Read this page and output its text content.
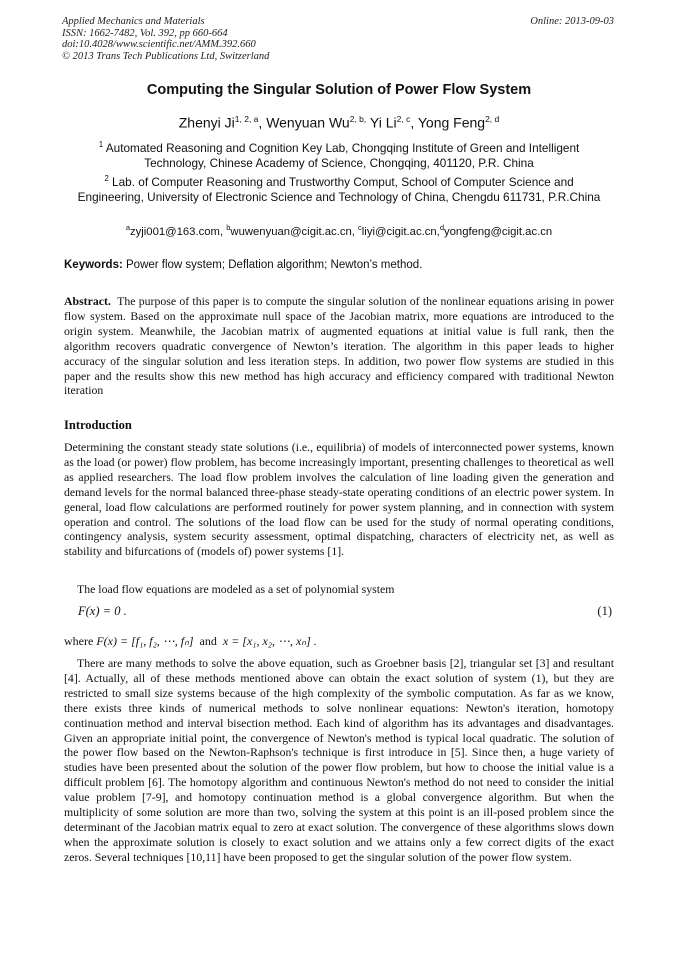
Applied Mechanics and Materials
ISSN: 1662-7482, Vol. 392, pp 660-664
doi:10.4028/www.scientific.net/AMM.392.660
© 2013 Trans Tech Publications Ltd, Switzerland
Online: 2013-09-03
Computing the Singular Solution of Power Flow System
Zhenyi Ji$^{1, 2, a}$, Wenyuan $Wu^{2, b,}$ Yi Li$^{2, c}$, Yong Feng$^{2, d}$
$^1$ Automated Reasoning and Cognition Key Lab, Chongqing Institute of Green and Intelligent Technology, Chinese Academy of Science, Chongqing, 401120, P.R. China
$^2$ Lab. of Computer Reasoning and Trustworthy Comput, School of Computer Science and Engineering, University of Electronic Science and Technology of China, Chengdu 611731, P.R.China
$^a$zyji001@163.com, $^b$wuwenyuan@cigit.ac.cn, $^c$liyi@cigit.ac.cn,$^d$yongfeng@cigit.ac.cn
Keywords: Power flow system; Deflation algorithm; Newton’s method.
Abstract. The purpose of this paper is to compute the singular solution of the nonlinear equations arising in power flow system. Based on the approximate null space of the Jacobian matrix, more equations are introduced to the origin system. Meanwhile, the Jacobian matrix of augmented equations at initial value is full rank, then the algorithm recovers quadratic convergence of Newton’s iteration. The algorithm in this paper leads to higher accuracy of the singular solution and less iteration steps. In addition, two power flow systems are studied in this paper and the results show this new method has high accuracy and efficiency compared with traditional Newton iteration
Introduction
Determining the constant steady state solutions (i.e., equilibria) of models of interconnected power systems, known as the load (or power) flow problem, has become increasingly important, presenting challenges to theoretical as well as applied researchers. The load flow problem involves the calculation of line loading given the generation and demand levels for the normal balanced three-phase steady-state operating conditions of an electric power system. In general, load flow calculations are performed routinely for power system planning, and in connection with system operation and control. The solutions of the load flow can be used for the study of normal operating conditions, contingency analysis, system security assessment, optimal dispatching, characters of electricity net, as well as stability and bifurcations of (models of) power systems [1].
The load flow equations are modeled as a set of polynomial system
F(x) = 0 .	(1)
where F(x) = [f₁, f₂, ⋯, fₙ] and x = [x₁, x₂, ⋯, xₙ] .
There are many methods to solve the above equation, such as Groebner basis [2], triangular set [3] and resultant [4]. Actually, all of these methods mentioned above can obtain the exact solution of system (1), but they are restricted to small size systems because of the high complexity of the symbolic computation. As far as we know, there exists three kinds of numerical methods to solve nonlinear equations: Newton's iteration, homotopy continuation method and interval bisection method. Each kind of algorithm has its advantages and disadvantages. Given an appropriate initial point, the convergence of Newton's method is typical local quadratic. The solution of the power flow based on the Newton-Raphson's technique is first introduce in [5]. Since then, a huge variety of studies have been presented about the solution of the power flow problem, but how to choose the initial value is a difficult problem [6]. The homotopy algorithm and continuous Newton's method do not need to consider the initial value problem [7-9], and homotopy continuation method is a global convergence algorithm. But when the multiplicity of some solution are more than two, solving the system at this point is an ill-posed problem since the determinant of the Jacobian matrix equal to zero at exact solution. The convergence of these algorithms slows down when the approximate solution is closely to exact solution and we attains only a few correct digits of the exact zeros. Several techniques [10,11] have been proposed to get the singular solution of the power flow system.
